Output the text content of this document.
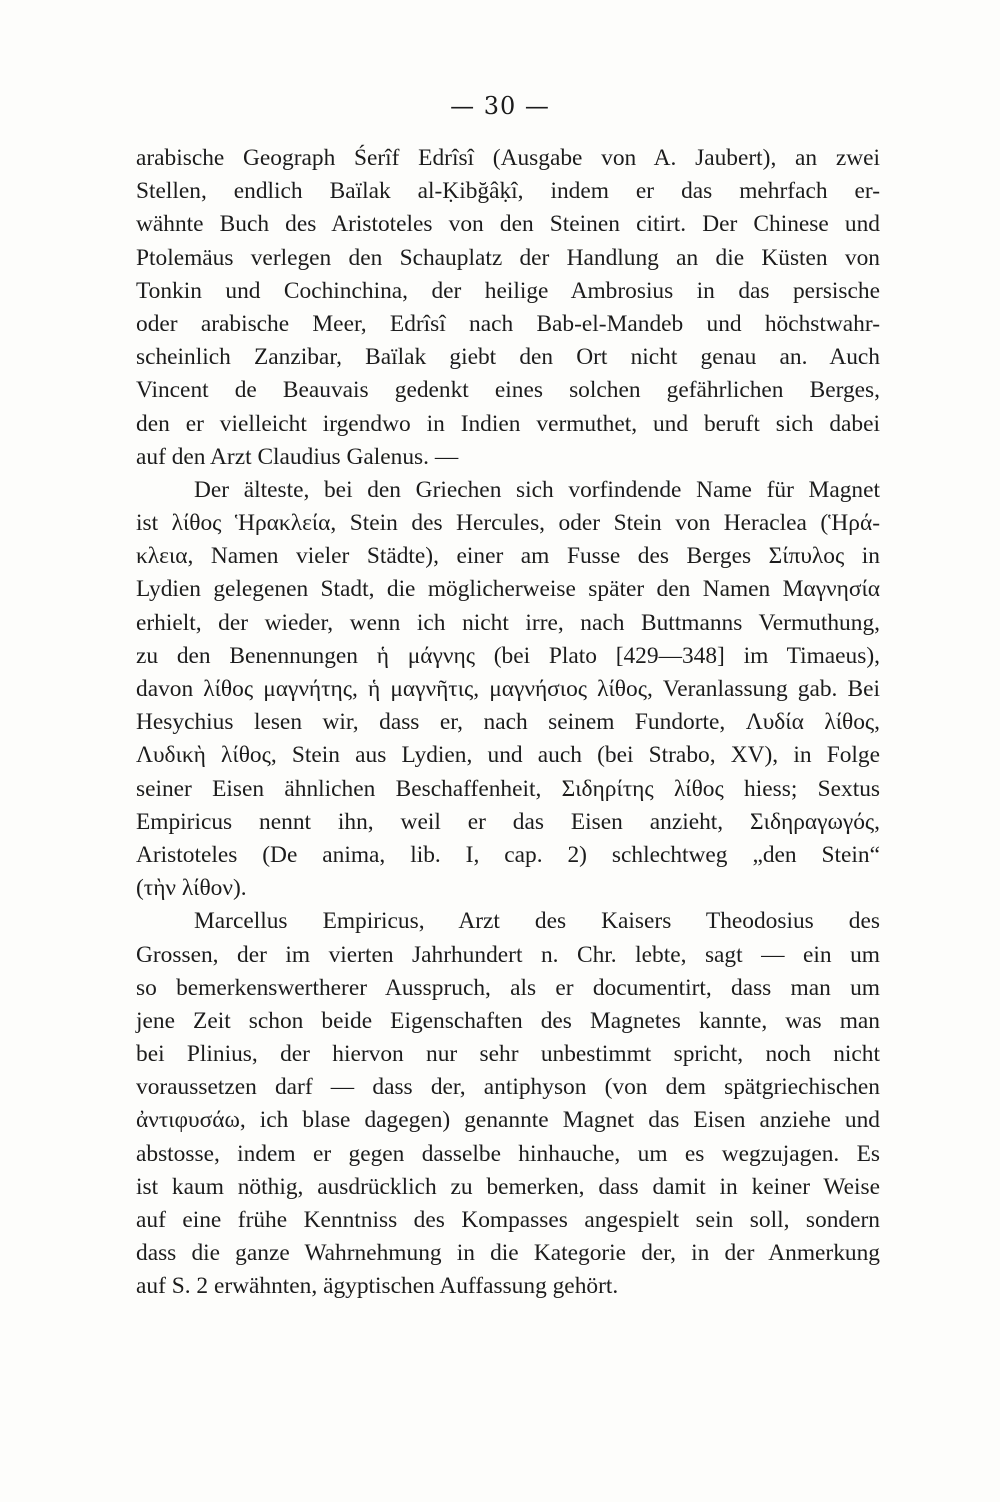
— 30 —
arabische Geograph Śerîf Edrîsî (Ausgabe von A. Jaubert), an zwei
Stellen, endlich Baïlak al-Ḳibğâḳî, indem er das mehrfach er-
wähnte Buch des Aristoteles von den Steinen citirt. Der Chinese und
Ptolemäus verlegen den Schauplatz der Handlung an die Küsten von
Tonkin und Cochinchina, der heilige Ambrosius in das persische
oder arabische Meer, Edrîsî nach Bab-el-Mandeb und höchstwahr-
scheinlich Zanzibar, Baïlak giebt den Ort nicht genau an. Auch
Vincent de Beauvais gedenkt eines solchen gefährlichen Berges,
den er vielleicht irgendwo in Indien vermuthet, und beruft sich dabei
auf den Arzt Claudius Galenus. —
Der älteste, bei den Griechen sich vorfindende Name für Magnet
ist λίθος Ἡρακλεία, Stein des Hercules, oder Stein von Heraclea (Ἡρά-
κλεια, Namen vieler Städte), einer am Fusse des Berges Σίπυλος in
Lydien gelegenen Stadt, die möglicherweise später den Namen Μαγνησία
erhielt, der wieder, wenn ich nicht irre, nach Buttmanns Vermuthung,
zu den Benennungen ἡ μάγνης (bei Plato [429—348] im Timaeus),
davon λίθος μαγνήτης, ἡ μαγνῆτις, μαγνήσιος λίθος, Veranlassung gab. Bei
Hesychius lesen wir, dass er, nach seinem Fundorte, Λυδία λίθος,
Λυδικὴ λίθος, Stein aus Lydien, und auch (bei Strabo, XV), in Folge
seiner Eisen ähnlichen Beschaffenheit, Σιδηρίτης λίθος hiess; Sextus
Empiricus nennt ihn, weil er das Eisen anzieht, Σιδηραγωγός,
Aristoteles (De anima, lib. I, cap. 2) schlechtweg „den Stein“
(τὴν λίθον).
Marcellus Empiricus, Arzt des Kaisers Theodosius des
Grossen, der im vierten Jahrhundert n. Chr. lebte, sagt — ein um
so bemerkenswertherer Ausspruch, als er documentirt, dass man um
jene Zeit schon beide Eigenschaften des Magnetes kannte, was man
bei Plinius, der hiervon nur sehr unbestimmt spricht, noch nicht
voraussetzen darf — dass der, antiphyson (von dem spätgriechischen
ἀντιφυσάω, ich blase dagegen) genannte Magnet das Eisen anziehe und
abstosse, indem er gegen dasselbe hinhauche, um es wegzujagen. Es
ist kaum nöthig, ausdrücklich zu bemerken, dass damit in keiner Weise
auf eine frühe Kenntniss des Kompasses angespielt sein soll, sondern
dass die ganze Wahrnehmung in die Kategorie der, in der Anmerkung
auf S. 2 erwähnten, ägyptischen Auffassung gehört.
